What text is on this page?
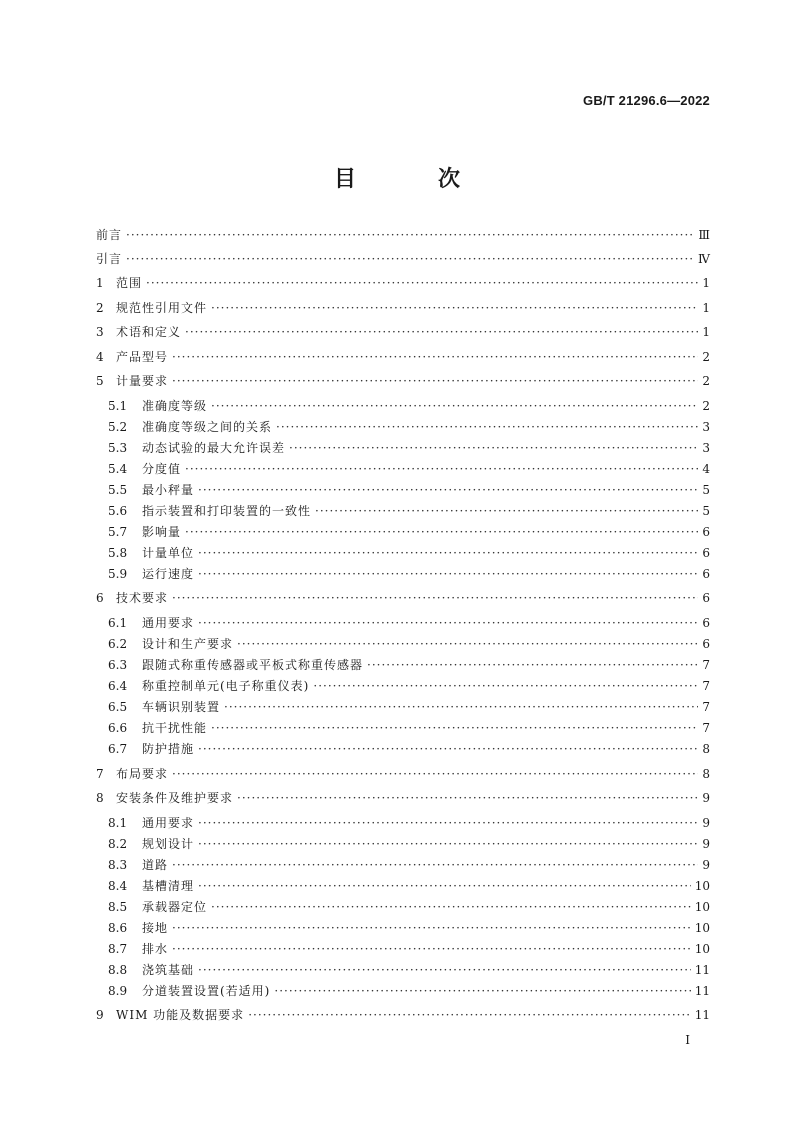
GB/T 21296.6—2022
目　次
前言 ·····	Ⅲ
引言 ·····	Ⅳ
1	范围 ·····	1
2	规范性引用文件 ·····	1
3	术语和定义 ·····	1
4	产品型号 ·····	2
5	计量要求 ·····	2
5.1	准确度等级 ·····	2
5.2	准确度等级之间的关系 ·····	3
5.3	动态试验的最大允许误差 ·····	3
5.4	分度值 ·····	4
5.5	最小秤量 ·····	5
5.6	指示装置和打印装置的一致性 ·····	5
5.7	影响量 ·····	6
5.8	计量单位 ·····	6
5.9	运行速度 ·····	6
6	技术要求 ·····	6
6.1	通用要求 ·····	6
6.2	设计和生产要求 ·····	6
6.3	跟随式称重传感器或平板式称重传感器 ·····	7
6.4	称重控制单元(电子称重仪表) ·····	7
6.5	车辆识别装置 ·····	7
6.6	抗干扰性能 ·····	7
6.7	防护措施 ·····	8
7	布局要求 ·····	8
8	安装条件及维护要求 ·····	9
8.1	通用要求 ·····	9
8.2	规划设计 ·····	9
8.3	道路 ·····	9
8.4	基槽清理 ·····	10
8.5	承载器定位 ·····	10
8.6	接地 ·····	10
8.7	排水 ·····	10
8.8	浇筑基础 ·····	11
8.9	分道装置设置(若适用) ·····	11
9	WIM 功能及数据要求 ·····	11
Ⅰ
